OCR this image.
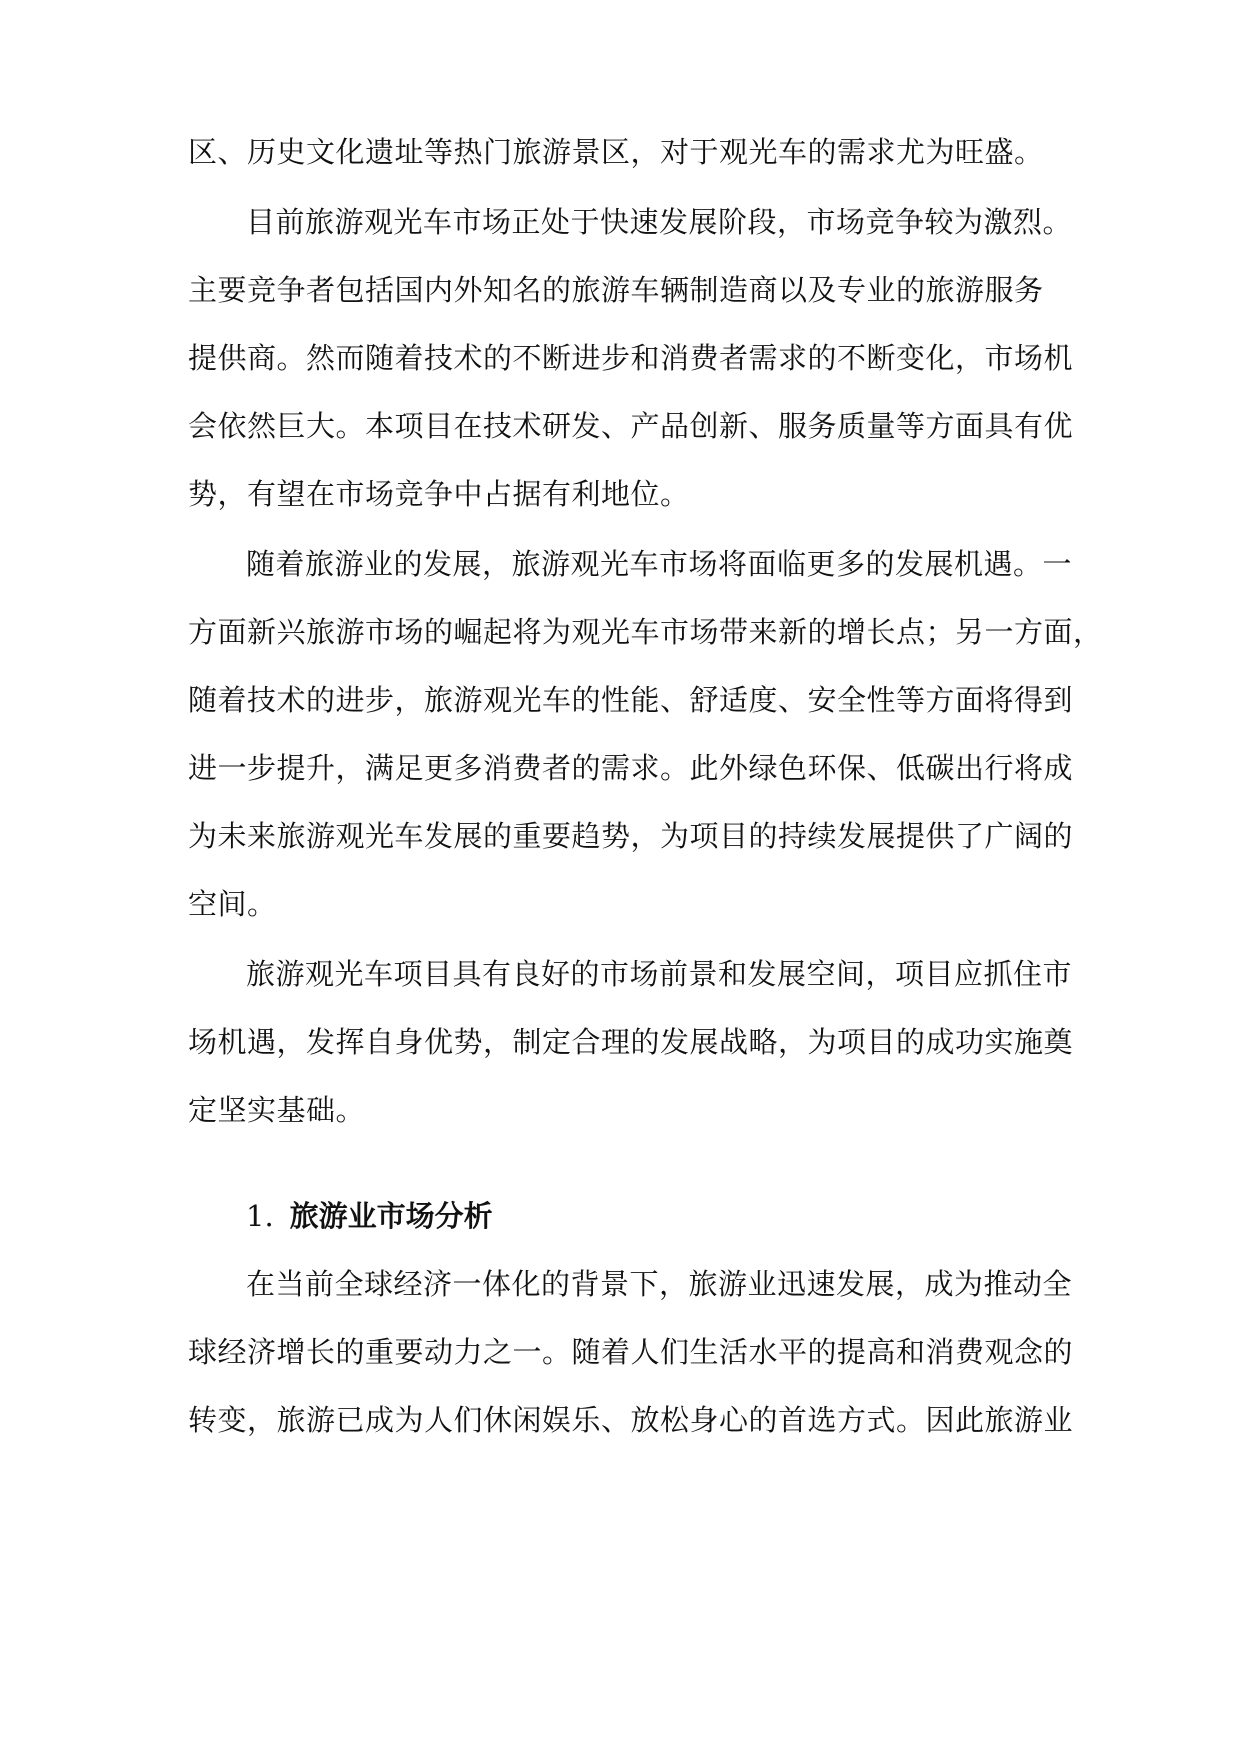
区、历史文化遗址等热门旅游景区，对于观光车的需求尤为旺盛。
目前旅游观光车市场正处于快速发展阶段，市场竞争较为激烈。
主要竞争者包括国内外知名的旅游车辆制造商以及专业的旅游服务
提供商。然而随着技术的不断进步和消费者需求的不断变化，市场机
会依然巨大。本项目在技术研发、产品创新、服务质量等方面具有优
势，有望在市场竞争中占据有利地位。
随着旅游业的发展，旅游观光车市场将面临更多的发展机遇。一
方面新兴旅游市场的崛起将为观光车市场带来新的增长点；另一方面，
随着技术的进步，旅游观光车的性能、舒适度、安全性等方面将得到
进一步提升，满足更多消费者的需求。此外绿色环保、低碳出行将成
为未来旅游观光车发展的重要趋势，为项目的持续发展提供了广阔的
空间。
旅游观光车项目具有良好的市场前景和发展空间，项目应抓住市
场机遇，发挥自身优势，制定合理的发展战略，为项目的成功实施奠
定坚实基础。
1. 旅游业市场分析
在当前全球经济一体化的背景下，旅游业迅速发展，成为推动全
球经济增长的重要动力之一。随着人们生活水平的提高和消费观念的
转变，旅游已成为人们休闲娱乐、放松身心的首选方式。因此旅游业
